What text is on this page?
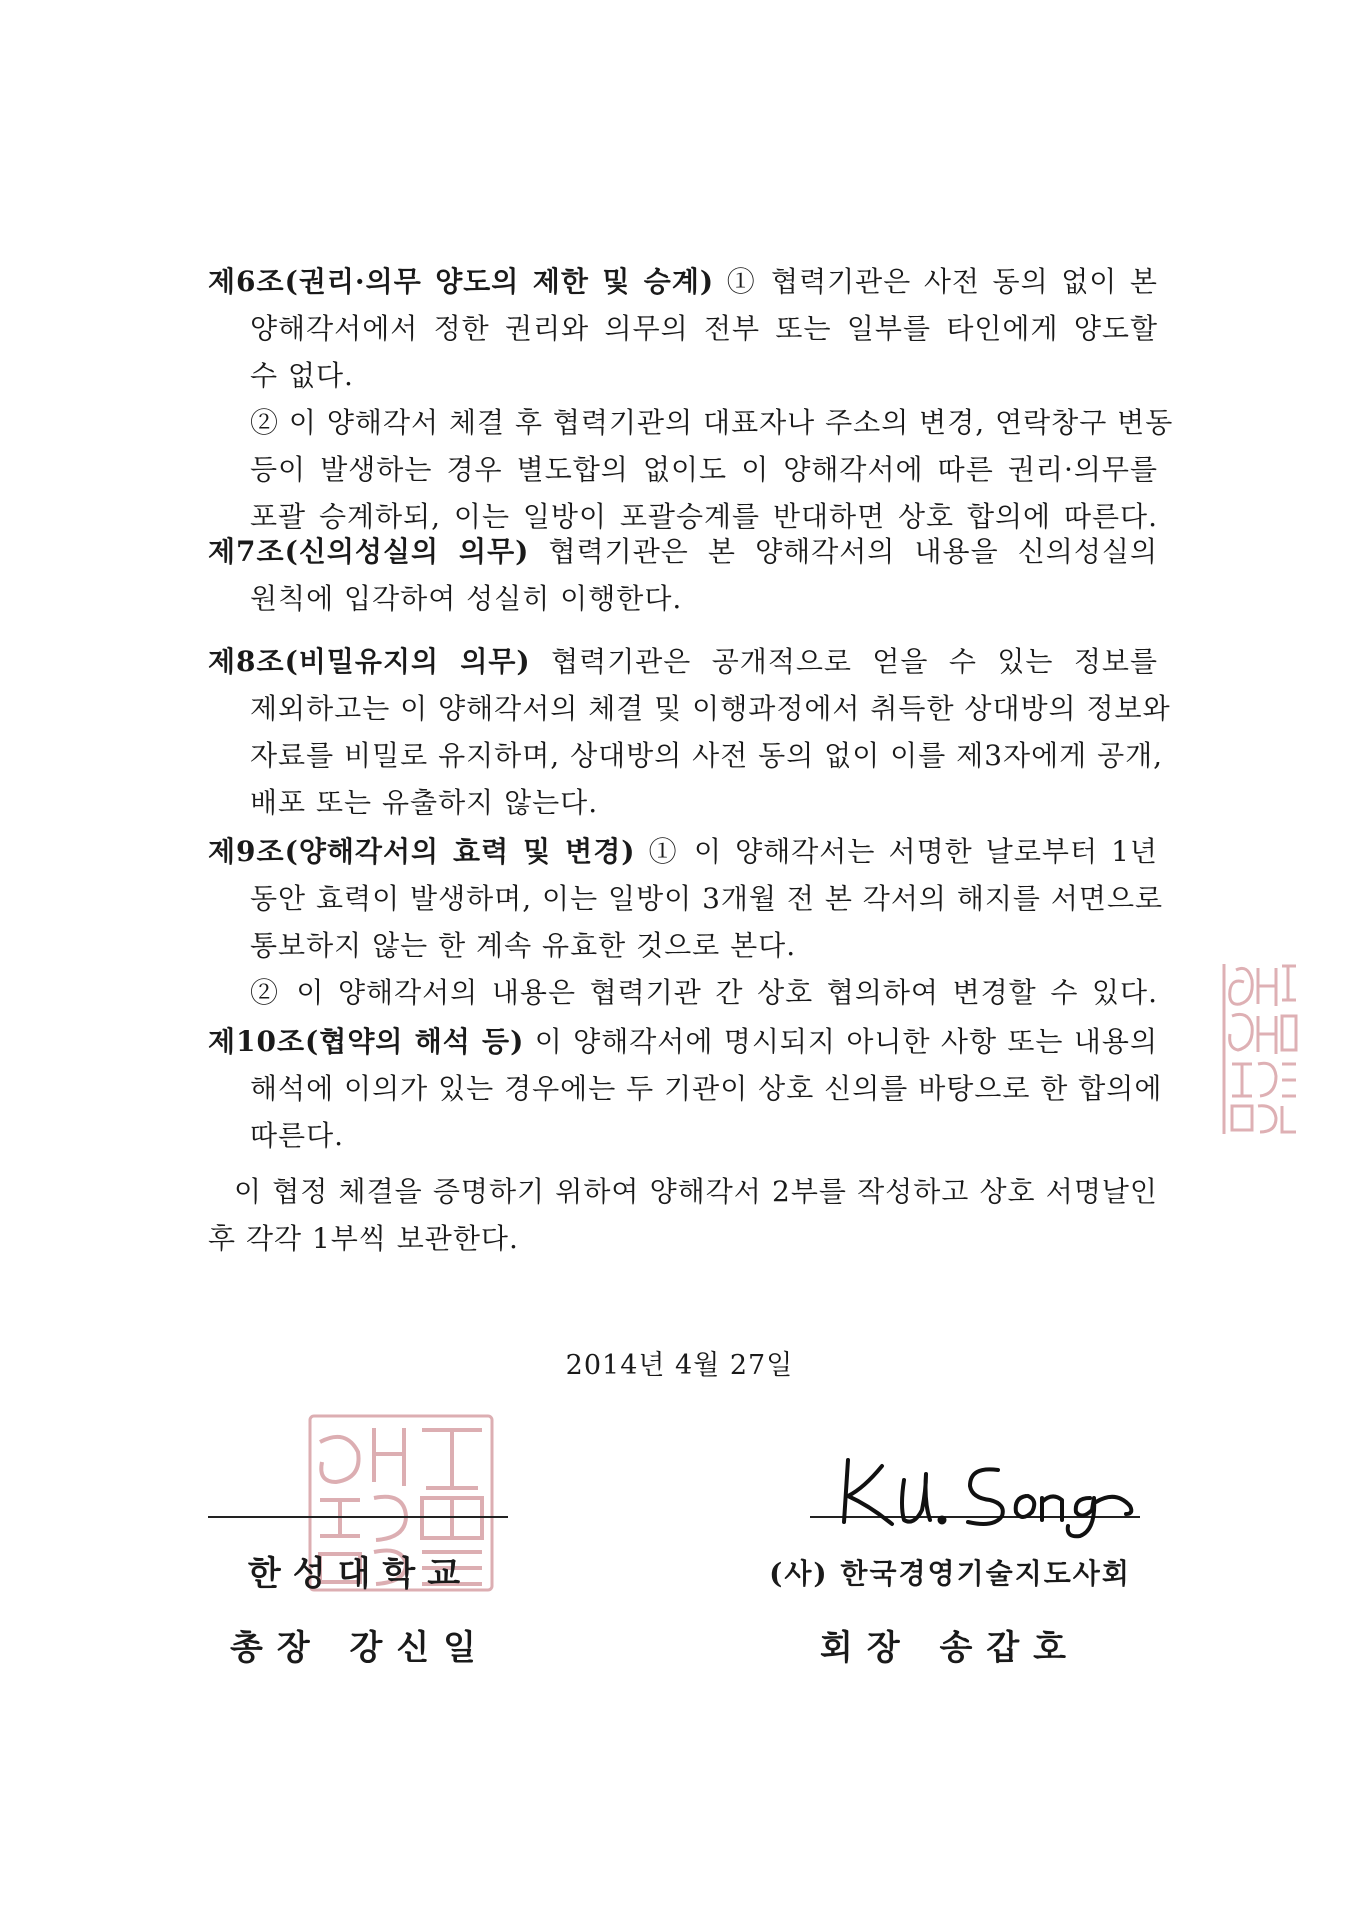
제6조(권리·의무 양도의 제한 및 승계) ① 협력기관은 사전 동의 없이 본
양해각서에서 정한 권리와 의무의 전부 또는 일부를 타인에게 양도할
수 없다.
② 이 양해각서 체결 후 협력기관의 대표자나 주소의 변경, 연락창구 변동
등이 발생하는 경우 별도합의 없이도 이 양해각서에 따른 권리·의무를
포괄 승계하되, 이는 일방이 포괄승계를 반대하면 상호 합의에 따른다.
제7조(신의성실의 의무) 협력기관은 본 양해각서의 내용을 신의성실의
원칙에 입각하여 성실히 이행한다.
제8조(비밀유지의 의무) 협력기관은 공개적으로 얻을 수 있는 정보를
제외하고는 이 양해각서의 체결 및 이행과정에서 취득한 상대방의 정보와
자료를 비밀로 유지하며, 상대방의 사전 동의 없이 이를 제3자에게 공개,
배포 또는 유출하지 않는다.
제9조(양해각서의 효력 및 변경) ① 이 양해각서는 서명한 날로부터 1년
동안 효력이 발생하며, 이는 일방이 3개월 전 본 각서의 해지를 서면으로
통보하지 않는 한 계속 유효한 것으로 본다.
② 이 양해각서의 내용은 협력기관 간 상호 협의하여 변경할 수 있다.
제10조(협약의 해석 등) 이 양해각서에 명시되지 아니한 사항 또는 내용의
해석에 이의가 있는 경우에는 두 기관이 상호 신의를 바탕으로 한 합의에
따른다.
이 협정 체결을 증명하기 위하여 양해각서 2부를 작성하고 상호 서명날인
후 각각 1부씩 보관한다.
2014년 4월 27일
한성대학교
총장 강신일
(사) 한국경영기술지도사회
회장 송갑호
